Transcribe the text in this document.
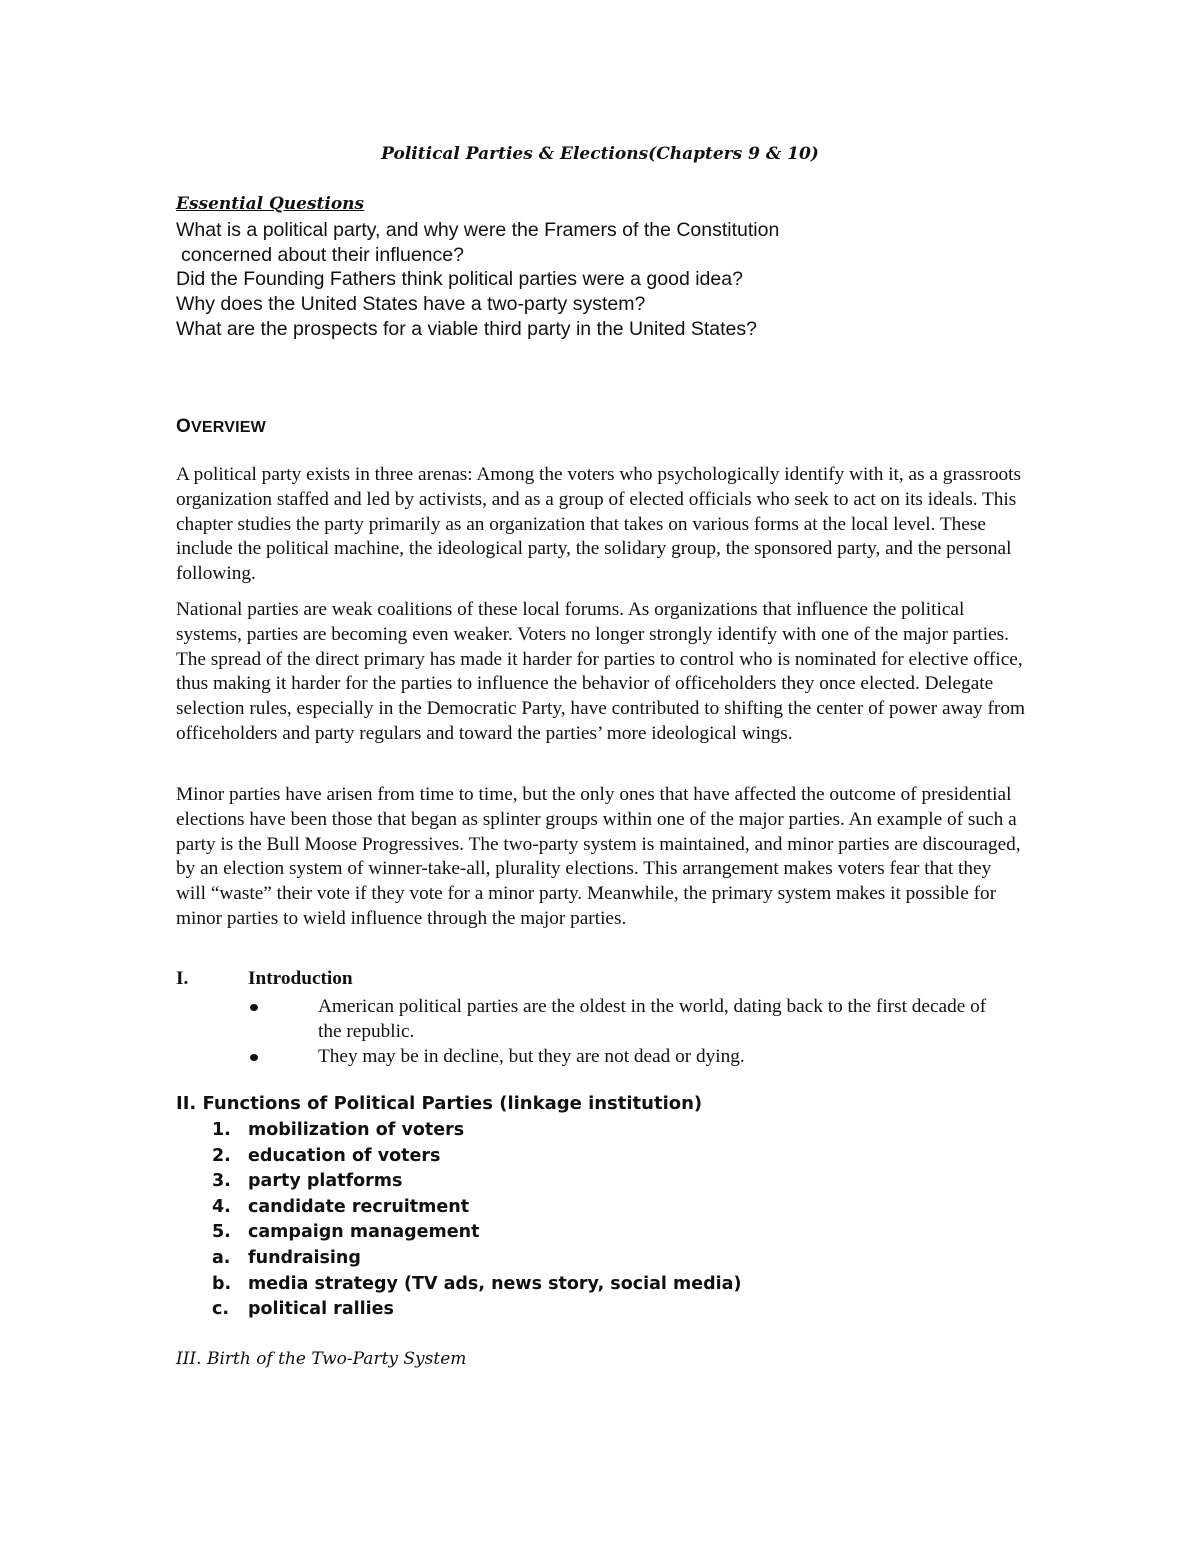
Political Parties & Elections(Chapters 9 & 10)
Essential Questions
What is a political party, and why were the Framers of the Constitution
concerned about their influence?
Did the Founding Fathers think political parties were a good idea?
Why does the United States have a two-party system?
What are the prospects for a viable third party in the United States?
OVERVIEW
A political party exists in three arenas: Among the voters who psychologically identify with it, as a grassroots organization staffed and led by activists, and as a group of elected officials who seek to act on its ideals. This chapter studies the party primarily as an organization that takes on various forms at the local level. These include the political machine, the ideological party, the solidary group, the sponsored party, and the personal following.
National parties are weak coalitions of these local forums. As organizations that influence the political systems, parties are becoming even weaker. Voters no longer strongly identify with one of the major parties. The spread of the direct primary has made it harder for parties to control who is nominated for elective office, thus making it harder for the parties to influence the behavior of officeholders they once elected. Delegate selection rules, especially in the Democratic Party, have contributed to shifting the center of power away from officeholders and party regulars and toward the parties’ more ideological wings.
Minor parties have arisen from time to time, but the only ones that have affected the outcome of presidential elections have been those that began as splinter groups within one of the major parties. An example of such a party is the Bull Moose Progressives. The two-party system is maintained, and minor parties are discouraged, by an election system of winner-take-all, plurality elections. This arrangement makes voters fear that they will “waste” their vote if they vote for a minor party. Meanwhile, the primary system makes it possible for minor parties to wield influence through the major parties.
I.	Introduction
American political parties are the oldest in the world, dating back to the first decade of the republic.
They may be in decline, but they are not dead or dying.
II. Functions of Political Parties (linkage institution)
1. mobilization of voters
2. education of voters
3. party platforms
4. candidate recruitment
5. campaign management
a. fundraising
b. media strategy (TV ads, news story, social media)
c. political rallies
III. Birth of the Two-Party System
